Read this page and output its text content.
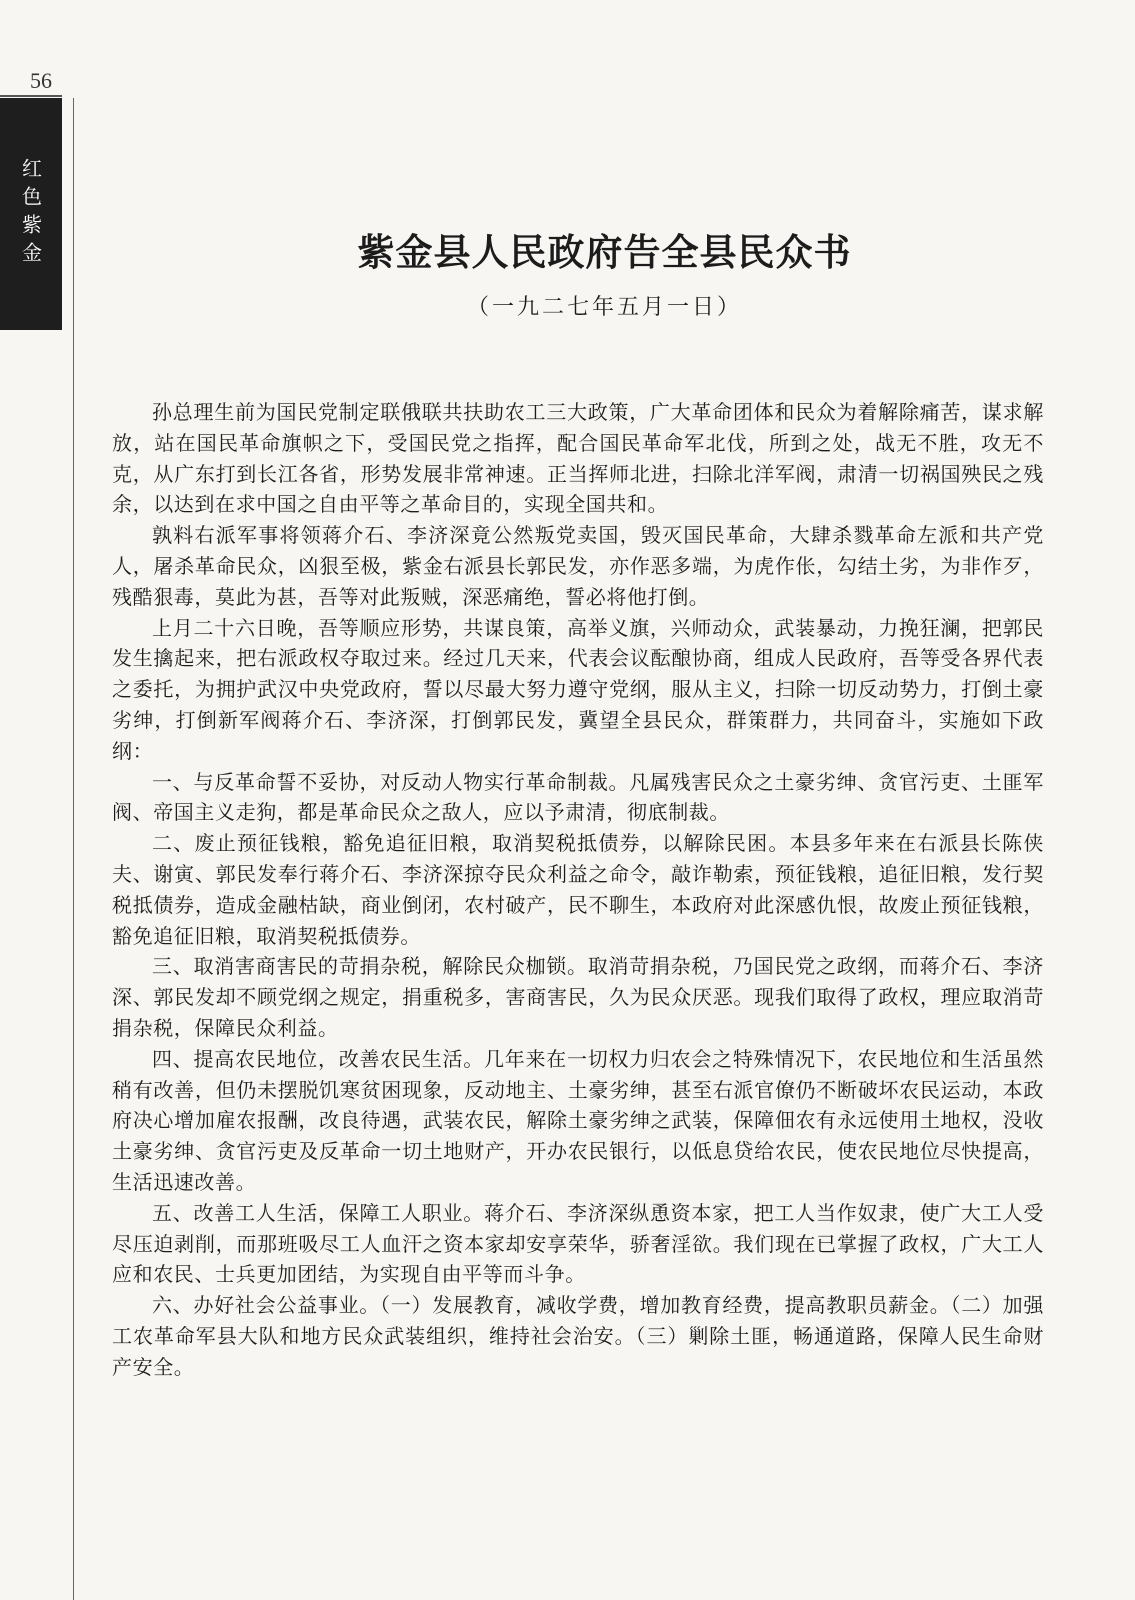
56
红色紫金	紫金县人民政府告全县民众书
（一九二七年五月一日）

孙总理生前为国民党制定联俄联共扶助农工三大政策，广大革命团体和民众为着解除痛苦，谋求解放，站在国民革命旗帜之下，受国民党之指挥，配合国民革命军北伐，所到之处，战无不胜，攻无不克，从广东打到长江各省，形势发展非常神速。正当挥师北进，扫除北洋军阀，肃清一切祸国殃民之残余，以达到在求中国之自由平等之革命目的，实现全国共和。

孰料右派军事将领蒋介石、李济深竟公然叛党卖国，毁灭国民革命，大肆杀戮革命左派和共产党人，屠杀革命民众，凶狠至极，紫金右派县长郭民发，亦作恶多端，为虎作伥，勾结土劣，为非作歹，残酷狠毒，莫此为甚，吾等对此叛贼，深恶痛绝，誓必将他打倒。

上月二十六日晚，吾等顺应形势，共谋良策，高举义旗，兴师动众，武装暴动，力挽狂澜，把郭民发生擒起来，把右派政权夺取过来。经过几天来，代表会议酝酿协商，组成人民政府，吾等受各界代表之委托，为拥护武汉中央党政府，誓以尽最大努力遵守党纲，服从主义，扫除一切反动势力，打倒土豪劣绅，打倒新军阀蒋介石、李济深，打倒郭民发，冀望全县民众，群策群力，共同奋斗，实施如下政纲：

一、与反革命誓不妥协，对反动人物实行革命制裁。凡属残害民众之土豪劣绅、贪官污吏、土匪军阀、帝国主义走狗，都是革命民众之敌人，应以予肃清，彻底制裁。

二、废止预征钱粮，豁免追征旧粮，取消契税抵债券，以解除民困。本县多年来在右派县长陈侠夫、谢寅、郭民发奉行蒋介石、李济深掠夺民众利益之命令，敲诈勒索，预征钱粮，追征旧粮，发行契税抵债券，造成金融枯缺，商业倒闭，农村破产，民不聊生，本政府对此深感仇恨，故废止预征钱粮，豁免追征旧粮，取消契税抵债券。

三、取消害商害民的苛捐杂税，解除民众枷锁。取消苛捐杂税，乃国民党之政纲，而蒋介石、李济深、郭民发却不顾党纲之规定，捐重税多，害商害民，久为民众厌恶。现我们取得了政权，理应取消苛捐杂税，保障民众利益。

四、提高农民地位，改善农民生活。几年来在一切权力归农会之特殊情况下，农民地位和生活虽然稍有改善，但仍未摆脱饥寒贫困现象，反动地主、土豪劣绅，甚至右派官僚仍不断破坏农民运动，本政府决心增加雇农报酬，改良待遇，武装农民，解除土豪劣绅之武装，保障佃农有永远使用土地权，没收土豪劣绅、贪官污吏及反革命一切土地财产，开办农民银行，以低息贷给农民，使农民地位尽快提高，生活迅速改善。

五、改善工人生活，保障工人职业。蒋介石、李济深纵恿资本家，把工人当作奴隶，使广大工人受尽压迫剥削，而那班吸尽工人血汗之资本家却安享荣华，骄奢淫欲。我们现在已掌握了政权，广大工人应和农民、士兵更加团结，为实现自由平等而斗争。

六、办好社会公益事业。（一）发展教育，减收学费，增加教育经费，提高教职员薪金。（二）加强工农革命军县大队和地方民众武装组织，维持社会治安。（三）剿除土匪，畅通道路，保障人民生命财产安全。
